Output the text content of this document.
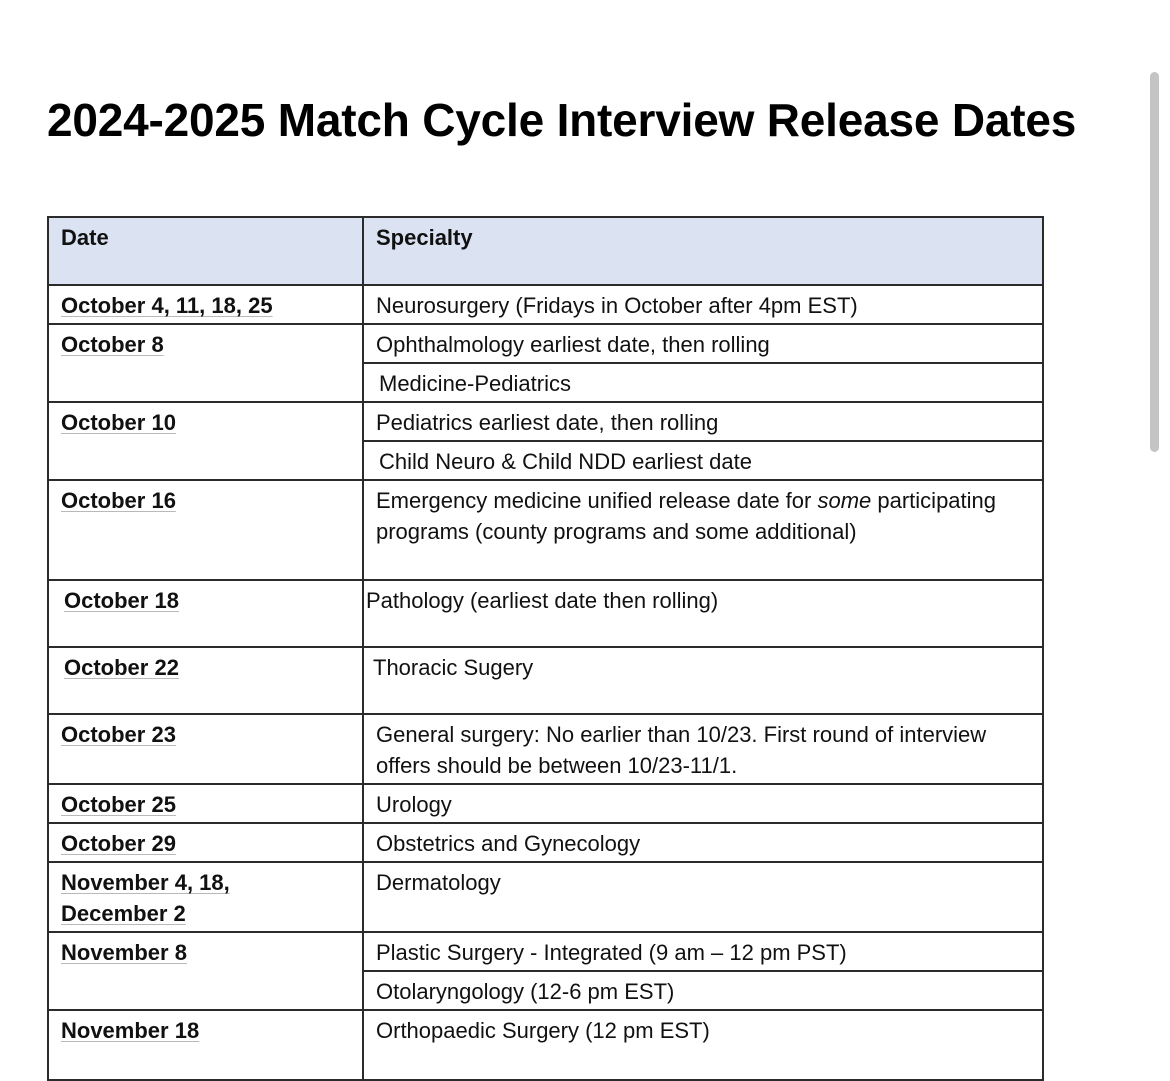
2024-2025 Match Cycle Interview Release Dates
Date	Specialty

October 4, 11, 18, 25	Neurosurgery (Fridays in October after 4pm EST)

October 8	Ophthalmology earliest date, then rolling

	Medicine-Pediatrics

October 10	Pediatrics earliest date, then rolling

	Child Neuro & Child NDD earliest date

October 16	Emergency medicine unified release date for some participating programs (county programs and some additional)

October 18	Pathology (earliest date then rolling)

October 22	Thoracic Sugery

October 23	General surgery: No earlier than 10/23. First round of interview offers should be between 10/23-11/1.

October 25	Urology

October 29	Obstetrics and Gynecology

November 4, 18, December 2	Dermatology

November 8	Plastic Surgery - Integrated (9 am – 12 pm PST)

	Otolaryngology (12-6 pm EST)

November 18	Orthopaedic Surgery (12 pm EST)
